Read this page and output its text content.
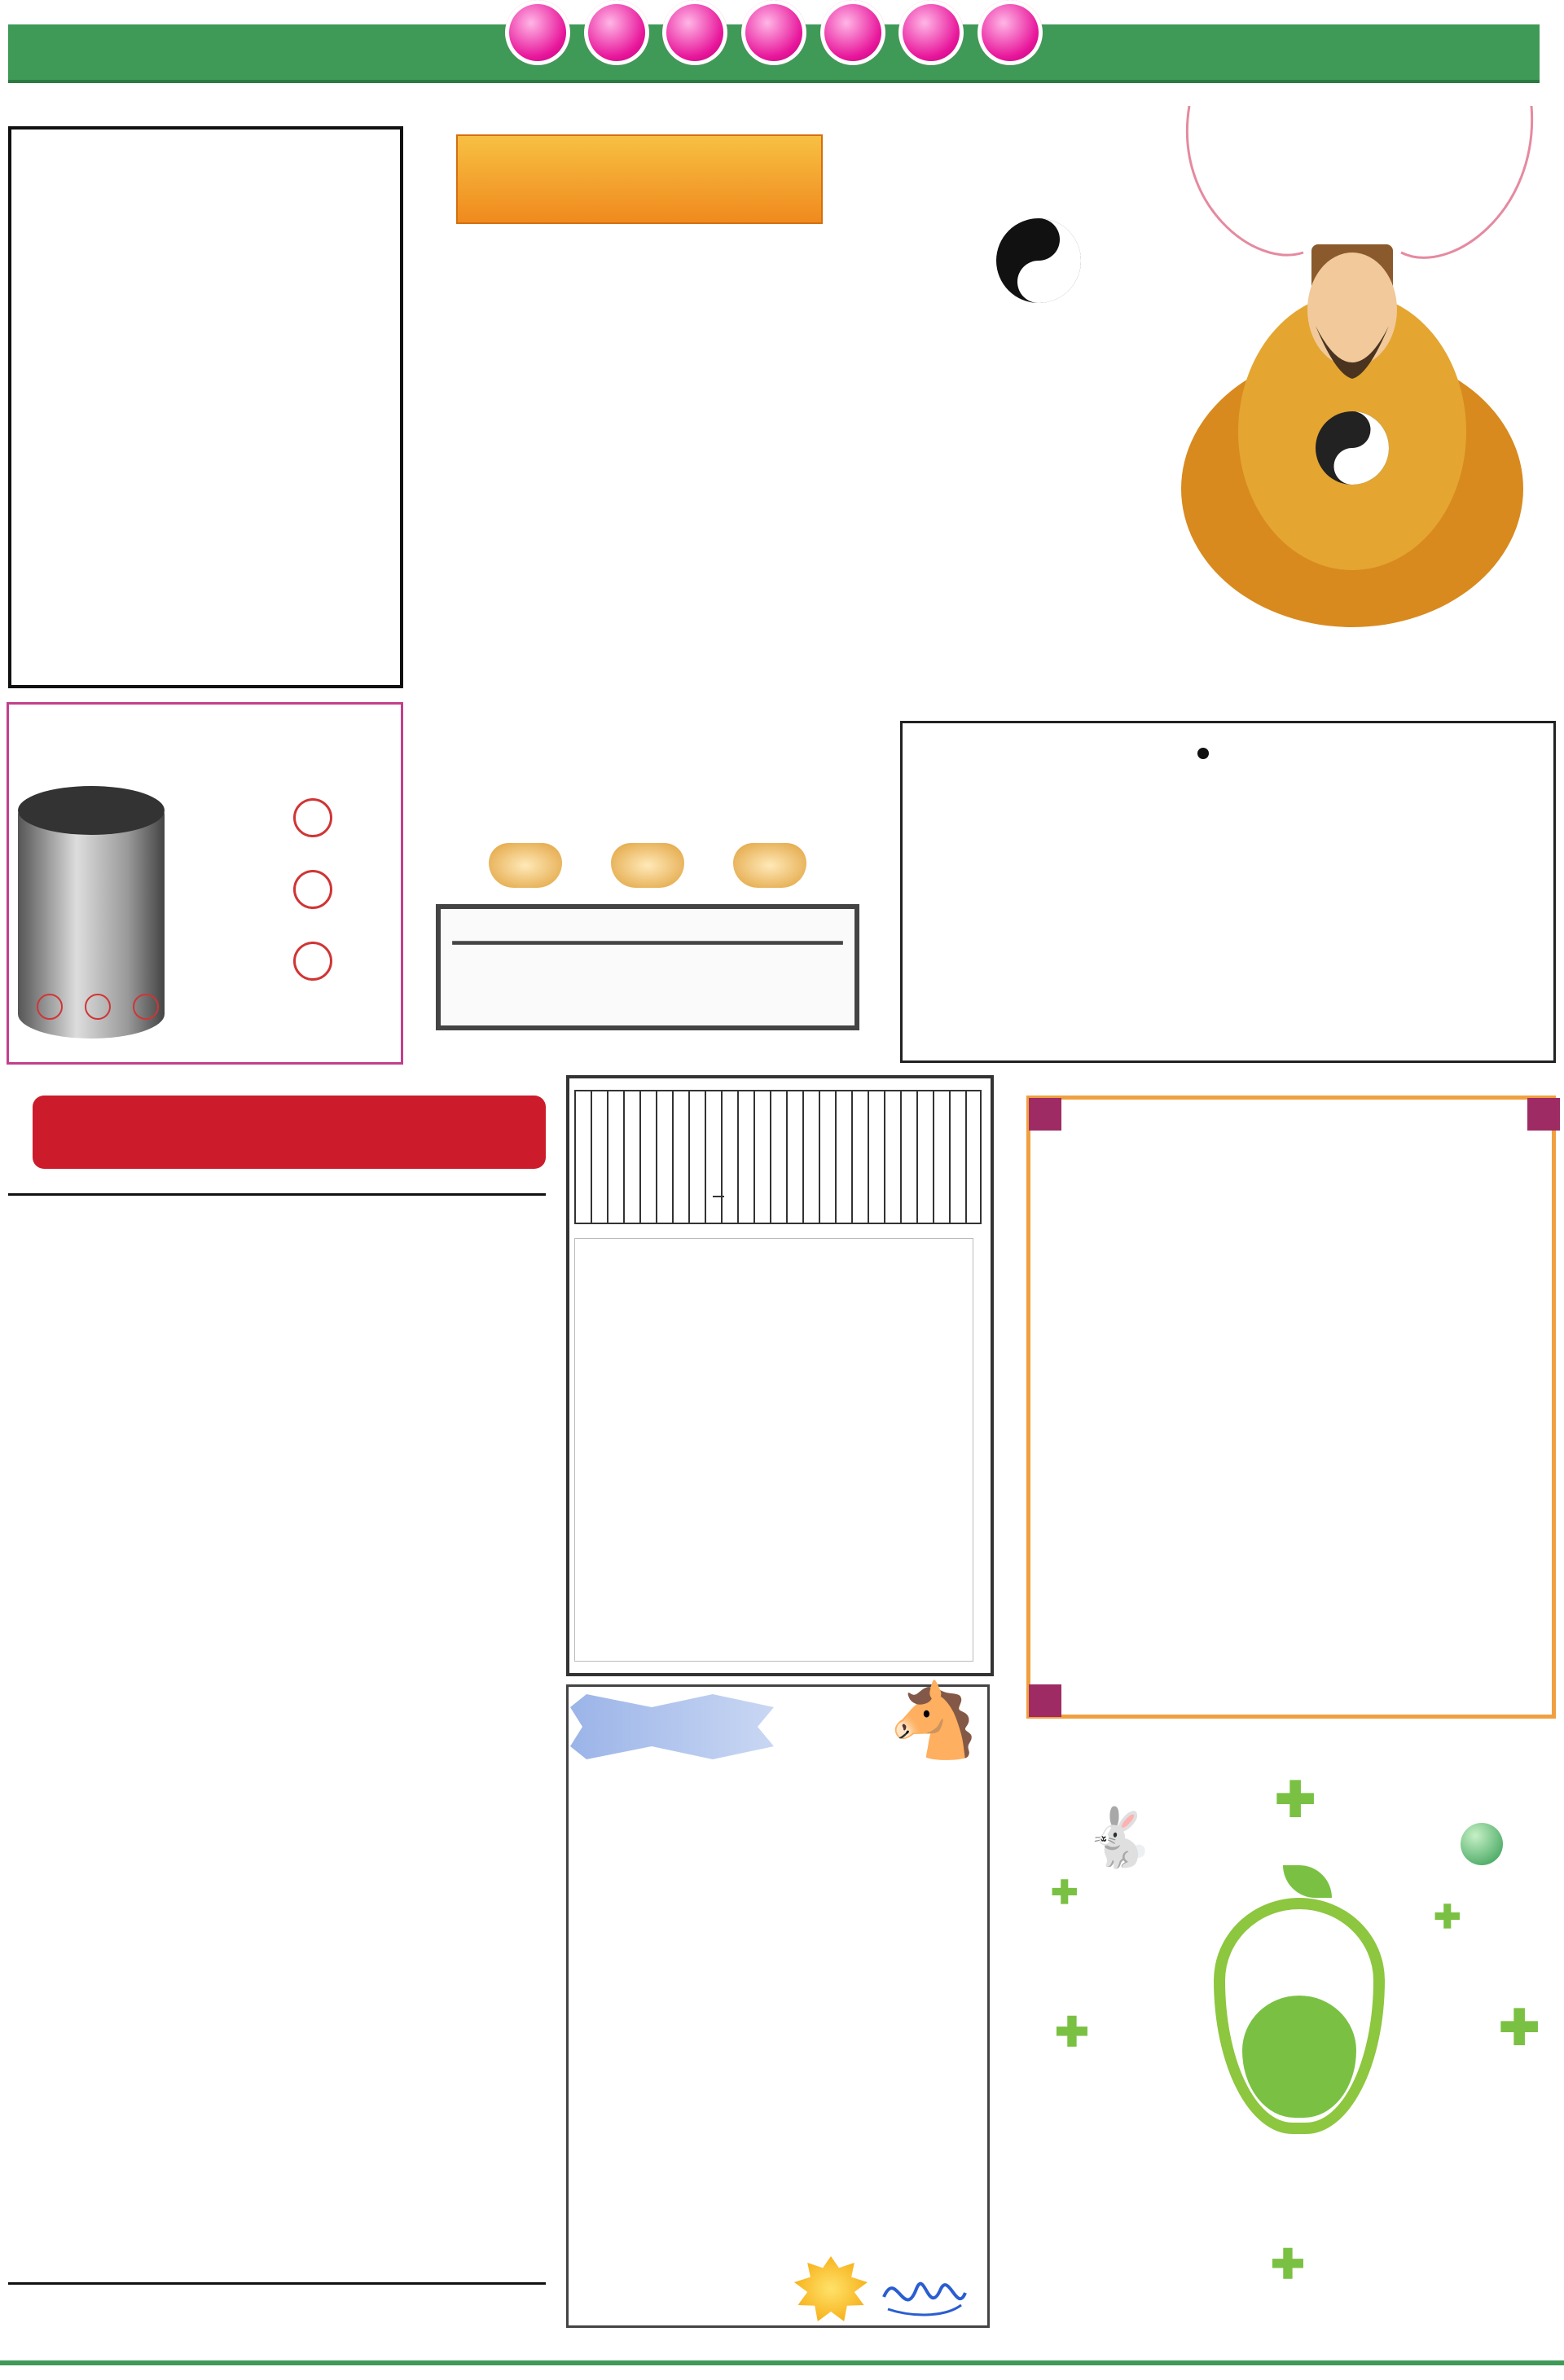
🐴
🐇
✚
✚
✚
✚
✚
✚
